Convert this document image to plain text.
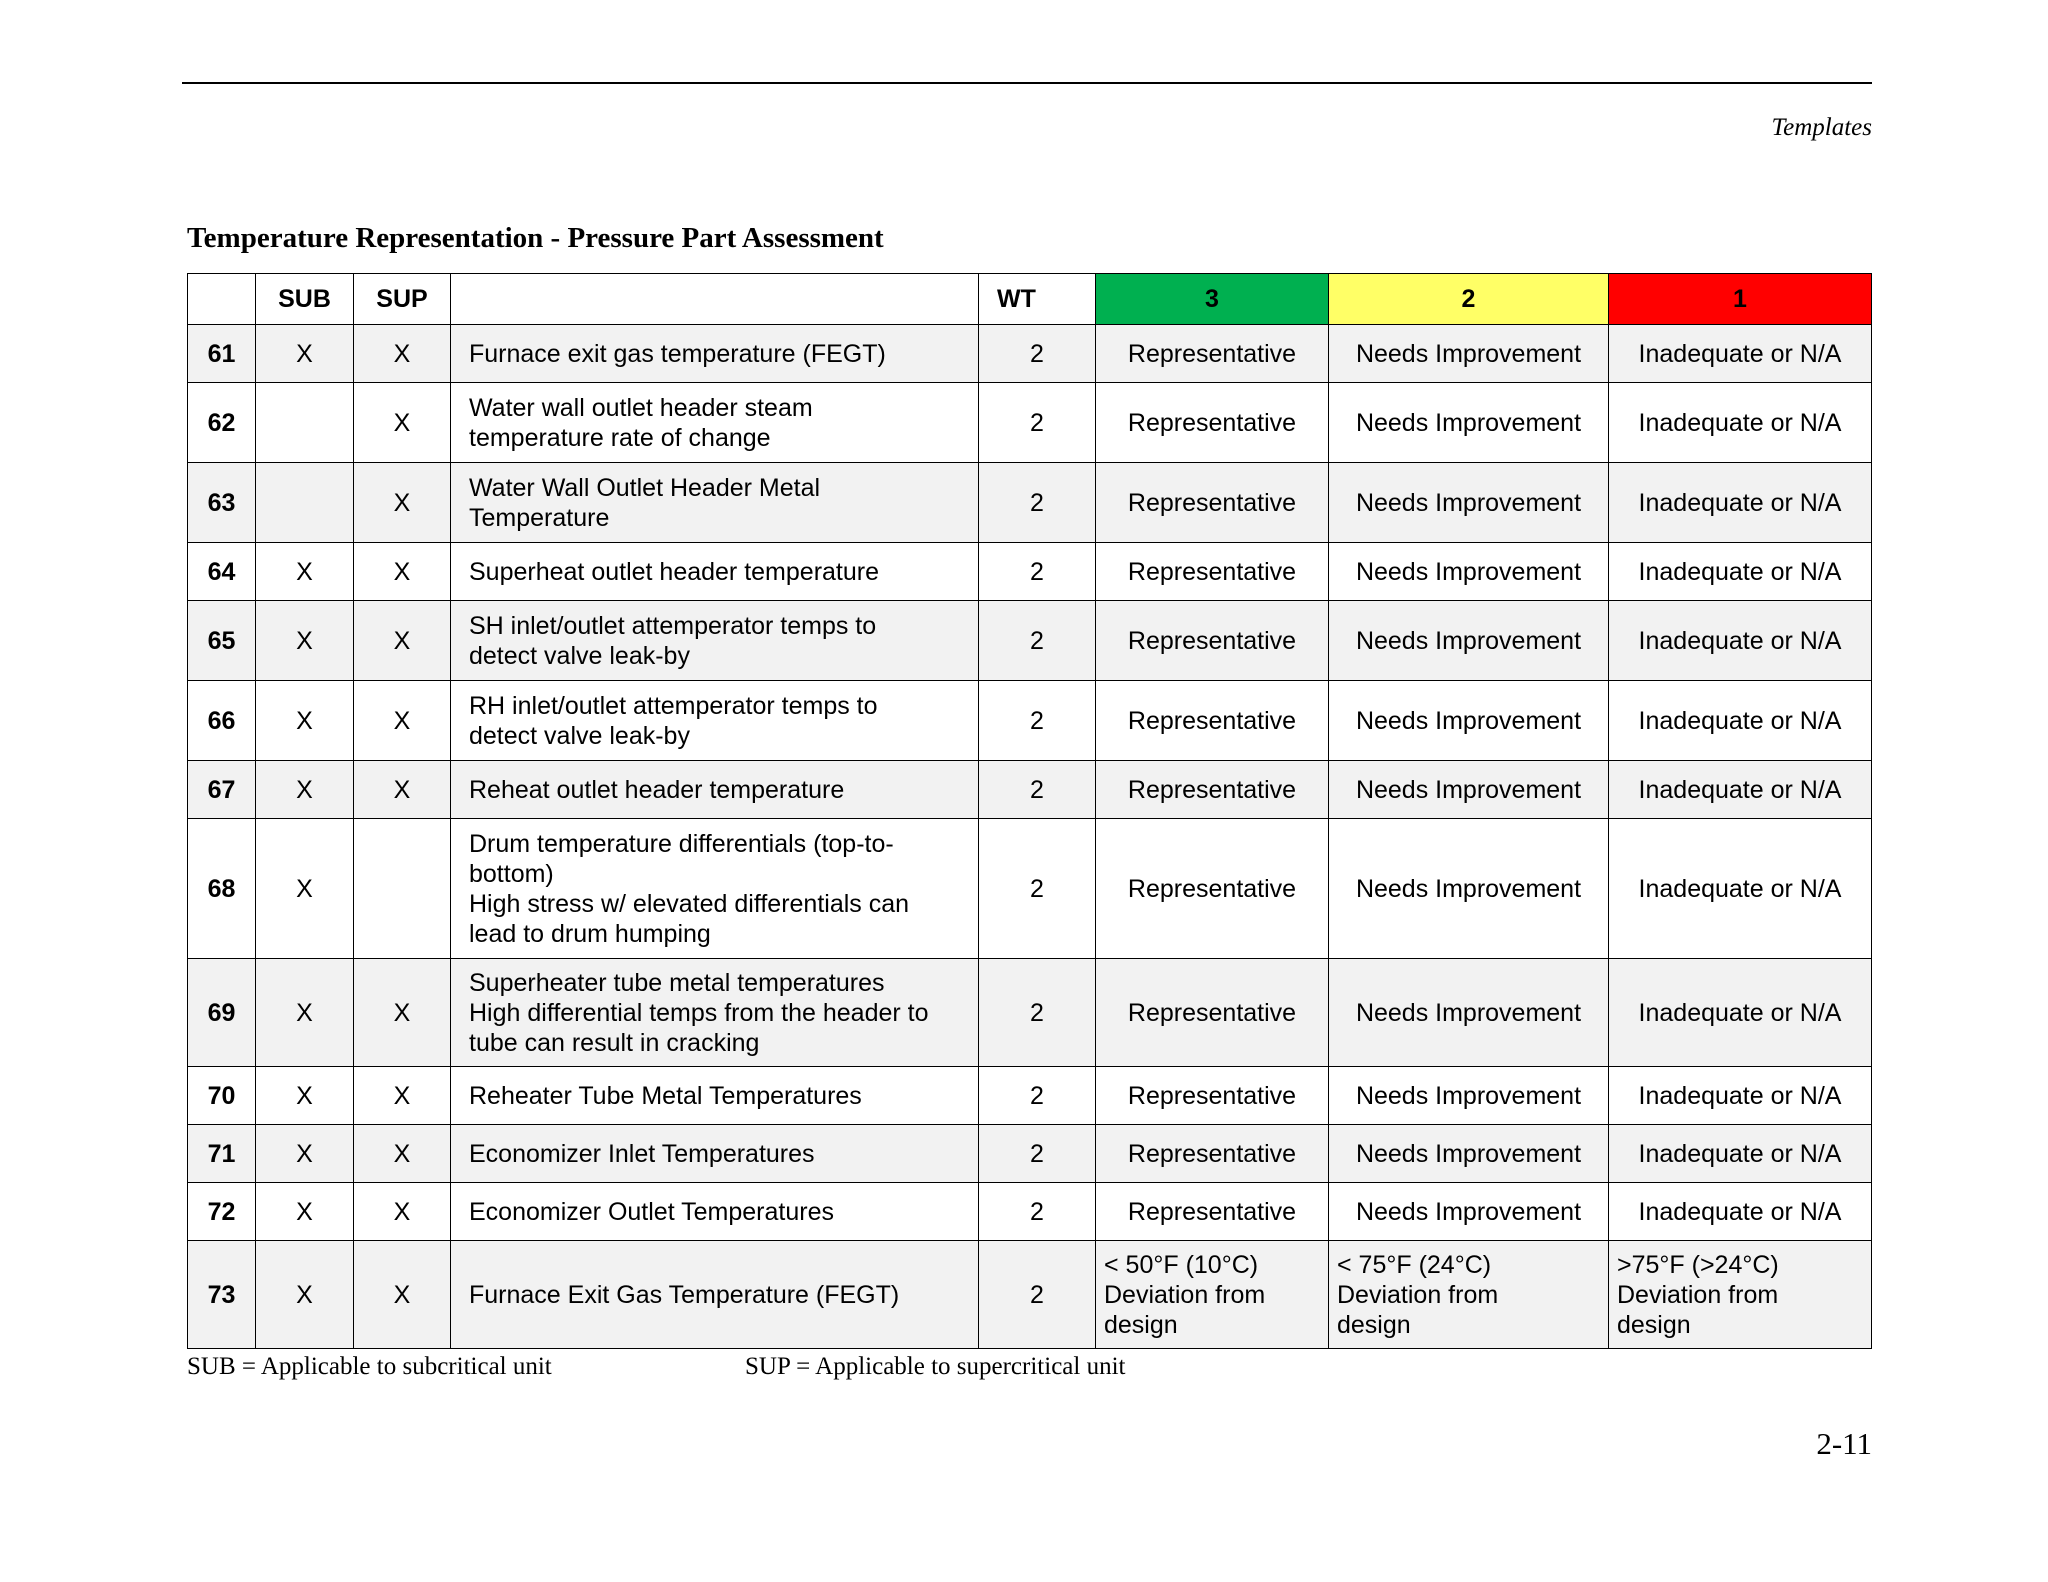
Templates
Temperature Representation - Pressure Part Assessment
	SUB	SUP		WT	3	2	1
61	X	X	Furnace exit gas temperature (FEGT)	2	Representative	Needs Improvement	Inadequate or N/A
62		X	Water wall outlet header steam
temperature rate of change	2	Representative	Needs Improvement	Inadequate or N/A
63		X	Water Wall Outlet Header Metal
Temperature	2	Representative	Needs Improvement	Inadequate or N/A
64	X	X	Superheat outlet header temperature	2	Representative	Needs Improvement	Inadequate or N/A
65	X	X	SH inlet/outlet attemperator temps to
detect valve leak-by	2	Representative	Needs Improvement	Inadequate or N/A
66	X	X	RH inlet/outlet attemperator temps to
detect valve leak-by	2	Representative	Needs Improvement	Inadequate or N/A
67	X	X	Reheat outlet header temperature	2	Representative	Needs Improvement	Inadequate or N/A
68	X		Drum temperature differentials (top-to-
bottom)
High stress w/ elevated differentials can
lead to drum humping	2	Representative	Needs Improvement	Inadequate or N/A
69	X	X	Superheater tube metal temperatures
High differential temps from the header to
tube can result in cracking	2	Representative	Needs Improvement	Inadequate or N/A
70	X	X	Reheater Tube Metal Temperatures	2	Representative	Needs Improvement	Inadequate or N/A
71	X	X	Economizer Inlet Temperatures	2	Representative	Needs Improvement	Inadequate or N/A
72	X	X	Economizer Outlet Temperatures	2	Representative	Needs Improvement	Inadequate or N/A
73	X	X	Furnace Exit Gas Temperature (FEGT)	2	< 50°F (10°C)
Deviation from
design	< 75°F (24°C)
Deviation from
design	>75°F (>24°C)
Deviation from
design
SUB = Applicable to subcritical unit	SUP = Applicable to supercritical unit
2-11
